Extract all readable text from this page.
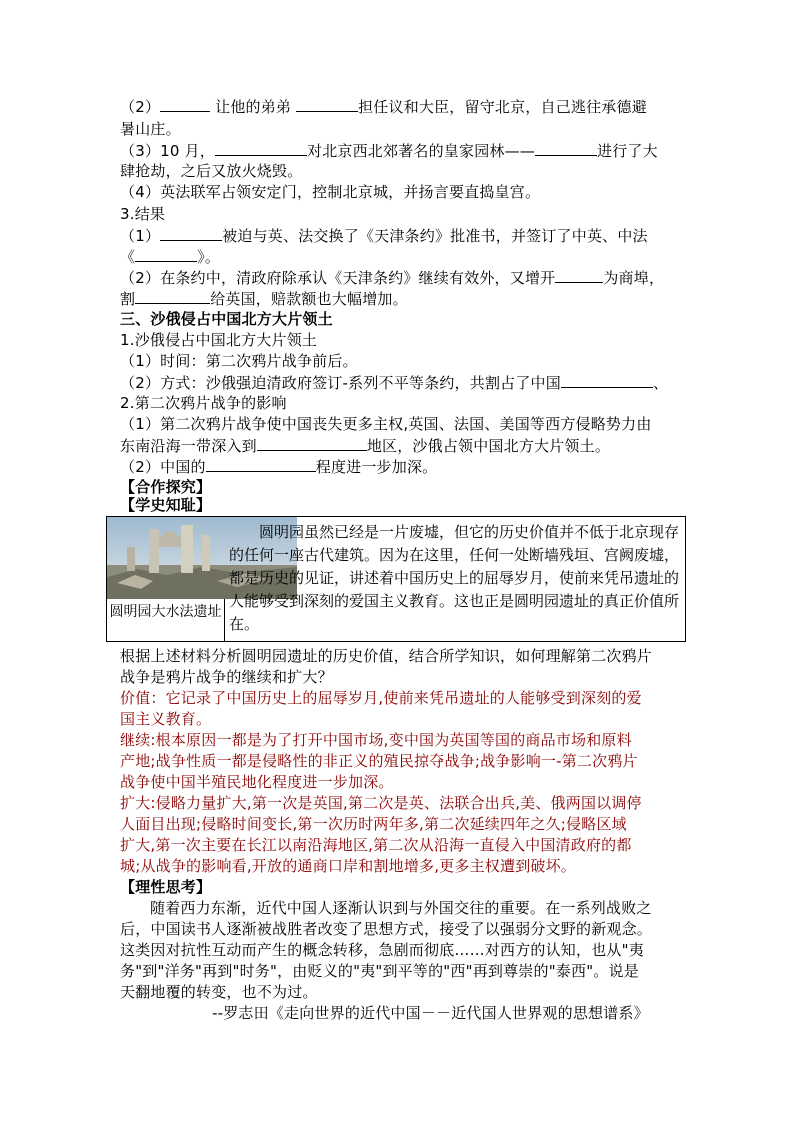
（2）	让他的弟弟	担任议和大臣，留守北京，自己逃往承德避
暑山庄。
（3）10 月，	对北京西北郊著名的皇家园林——	进行了大
肆抢劫，之后又放火烧毁。
（4）英法联军占领安定门，控制北京城，并扬言要直捣皇宫。
3.结果
（1）	被迫与英、法交换了《天津条约》批准书，并签订了中英、中法
《	》。
（2）在条约中，清政府除承认《天津条约》继续有效外，又增开	为商埠，
割	给英国，赔款额也大幅增加。
三、沙俄侵占中国北方大片领土
1.沙俄侵占中国北方大片领土
（1）时间：第二次鸦片战争前后。
（2）方式：沙俄强迫清政府签订-系列不平等条约，共割占了中国	、
2.第二次鸦片战争的影响
（1）第二次鸦片战争使中国丧失更多主权,英国、法国、美国等西方侵略势力由
东南沿海一带深入到	地区，沙俄占领中国北方大片领土。
（2）中国的	程度进一步加深。
【合作探究】
【学史知耻】
圆明园大水法遗址

圆明园虽然已经是一片废墟，但它的历史价值并不低于北京现存的任何一座古代建筑。因为在这里，任何一处断墙残垣、宫阙废墟，都是历史的见证，讲述着中国历史上的屈辱岁月，使前来凭吊遗址的人能够受到深刻的爱国主义教育。这也正是圆明园遗址的真正价值所在。

根据上述材料分析圆明园遗址的历史价值，结合所学知识，如何理解第二次鸦片
战争是鸦片战争的继续和扩大？
价值：它记录了中国历史上的屈辱岁月,使前来凭吊遗址的人能够受到深刻的爱
国主义教育。
继续:根本原因一都是为了打开中国市场,变中国为英国等国的商品市场和原料
产地;战争性质一都是侵略性的非正义的殖民掠夺战争;战争影响一-第二次鸦片
战争使中国半殖民地化程度进一步加深。
扩大:侵略力量扩大,第一次是英国,第二次是英、法联合出兵,美、俄两国以调停
人面目出现;侵略时间变长,第一次历时两年多,第二次延续四年之久;侵略区域
扩大,第一次主要在长江以南沿海地区,第二次从沿海一直侵入中国清政府的都
城;从战争的影响看,开放的通商口岸和割地增多,更多主权遭到破坏。
【理性思考】
随着西力东渐，近代中国人逐渐认识到与外国交往的重要。在一系列战败之
后，中国读书人逐渐被战胜者改变了思想方式，接受了以强弱分文野的新观念。
这类因对抗性互动而产生的概念转移，急剧而彻底……对西方的认知，也从"夷
务"到"洋务"再到"时务"，由贬义的"夷"到平等的"西"再到尊崇的"泰西"。说是
天翻地覆的转变，也不为过。
--罗志田《走向世界的近代中国－－近代国人世界观的思想谱系》
